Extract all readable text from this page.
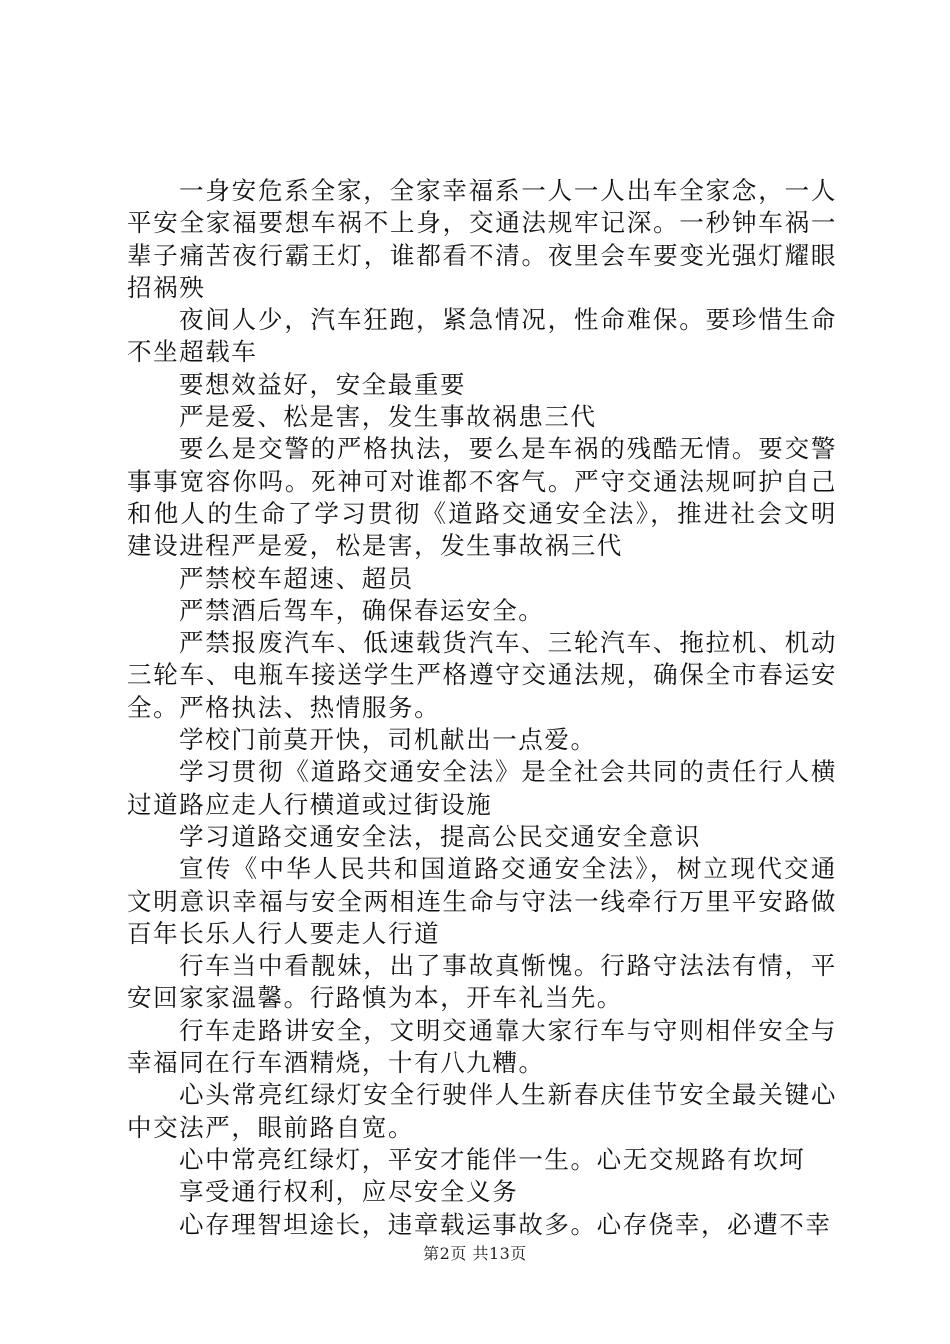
一身安危系全家，全家幸福系一人一人出车全家念，一人平安全家福要想车祸不上身，交通法规牢记深。一秒钟车祸一辈子痛苦夜行霸王灯，谁都看不清。夜里会车要变光强灯耀眼招祸殃

夜间人少，汽车狂跑，紧急情况，性命难保。要珍惜生命不坐超载车

要想效益好，安全最重要

严是爱、松是害，发生事故祸患三代

要么是交警的严格执法，要么是车祸的残酷无情。要交警事事宽容你吗。死神可对谁都不客气。严守交通法规呵护自己和他人的生命了学习贯彻《道路交通安全法》，推进社会文明建设进程严是爱，松是害，发生事故祸三代

严禁校车超速、超员

严禁酒后驾车，确保春运安全。

严禁报废汽车、低速载货汽车、三轮汽车、拖拉机、机动三轮车、电瓶车接送学生严格遵守交通法规，确保全市春运安全。严格执法、热情服务。

学校门前莫开快，司机献出一点爱。

学习贯彻《道路交通安全法》是全社会共同的责任行人横过道路应走人行横道或过街设施

学习道路交通安全法，提高公民交通安全意识

宣传《中华人民共和国道路交通安全法》，树立现代交通文明意识幸福与安全两相连生命与守法一线牵行万里平安路做百年长乐人行人要走人行道

行车当中看靓妹，出了事故真惭愧。行路守法法有情，平安回家家温馨。行路慎为本，开车礼当先。

行车走路讲安全，文明交通靠大家行车与守则相伴安全与幸福同在行车酒精烧，十有八九糟。

心头常亮红绿灯安全行驶伴人生新春庆佳节安全最关键心中交法严，眼前路自宽。

心中常亮红绿灯，平安才能伴一生。心无交规路有坎坷

享受通行权利，应尽安全义务

心存理智坦途长，违章载运事故多。心存侥幸，必遭不幸

第2页 共13页
